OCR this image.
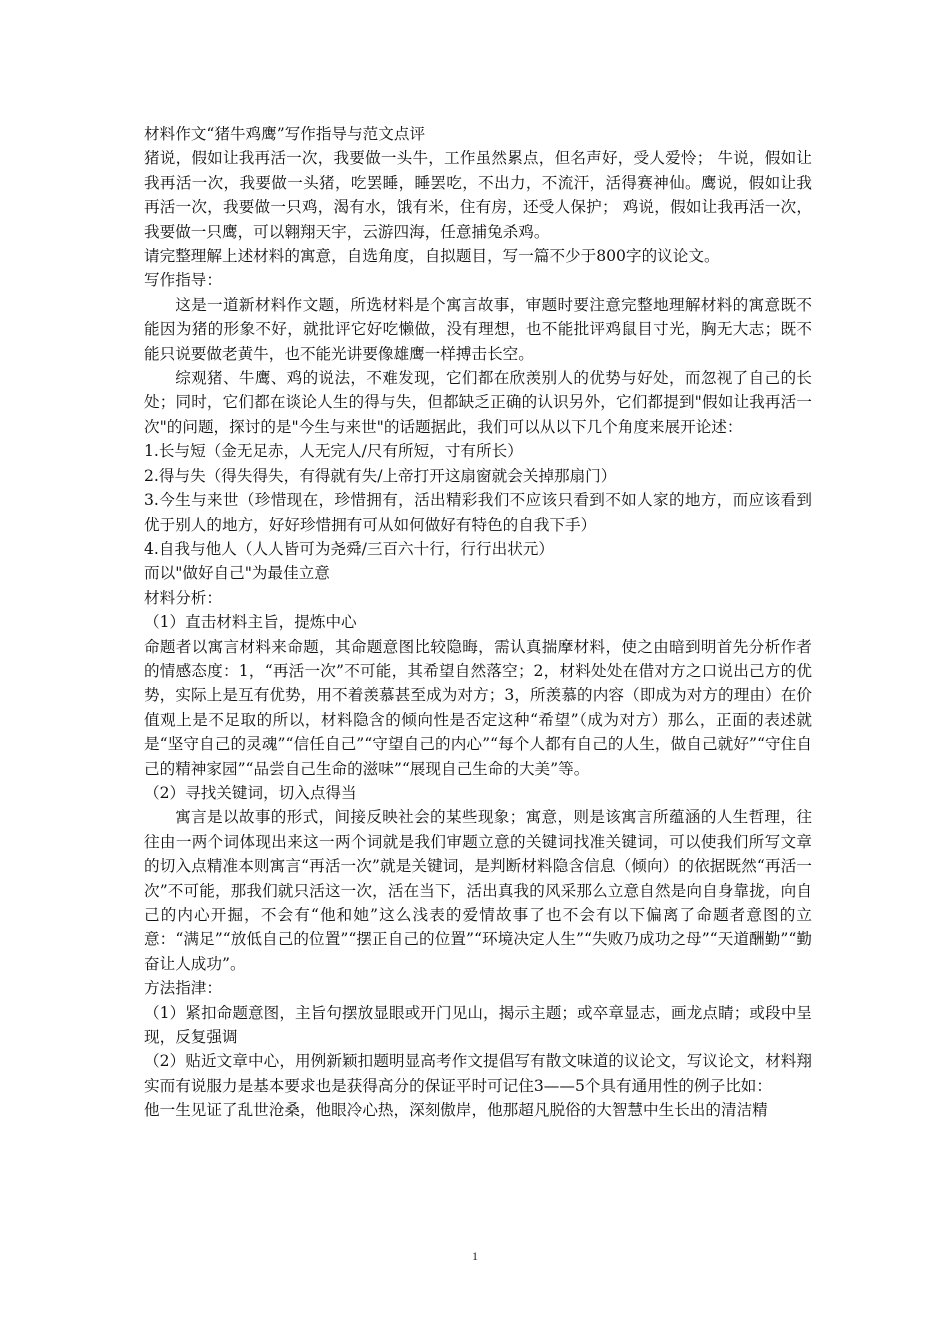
材料作文“猪牛鸡鹰”写作指导与范文点评

猪说，假如让我再活一次，我要做一头牛，工作虽然累点，但名声好，受人爱怜； 牛说，假如让我再活一次，我要做一头猪，吃罢睡，睡罢吃，不出力，不流汗，活得赛神仙。鹰说，假如让我再活一次，我要做一只鸡，渴有水，饿有米，住有房，还受人保护； 鸡说，假如让我再活一次，我要做一只鹰，可以翱翔天宇，云游四海，任意捕兔杀鸡。

请完整理解上述材料的寓意，自选角度，自拟题目，写一篇不少于800字的议论文。

写作指导：

这是一道新材料作文题，所选材料是个寓言故事，审题时要注意完整地理解材料的寓意既不能因为猪的形象不好，就批评它好吃懒做，没有理想，也不能批评鸡鼠目寸光，胸无大志；既不能只说要做老黄牛，也不能光讲要像雄鹰一样搏击长空。

综观猪、牛鹰、鸡的说法，不难发现，它们都在欣羡别人的优势与好处，而忽视了自己的长处；同时，它们都在谈论人生的得与失，但都缺乏正确的认识另外，它们都提到"假如让我再活一次"的问题，探讨的是"今生与来世"的话题据此，我们可以从以下几个角度来展开论述：

1.长与短（金无足赤，人无完人/尺有所短，寸有所长）

2.得与失（得失得失，有得就有失/上帝打开这扇窗就会关掉那扇门）

3.今生与来世（珍惜现在，珍惜拥有，活出精彩我们不应该只看到不如人家的地方，而应该看到优于别人的地方，好好珍惜拥有可从如何做好有特色的自我下手）

4.自我与他人（人人皆可为尧舜/三百六十行，行行出状元）

而以"做好自己"为最佳立意

材料分析：

（1）直击材料主旨，提炼中心

命题者以寓言材料来命题，其命题意图比较隐晦，需认真揣摩材料，使之由暗到明首先分析作者的情感态度：1，“再活一次”不可能，其希望自然落空；2，材料处处在借对方之口说出己方的优势，实际上是互有优势，用不着羡慕甚至成为对方；3，所羡慕的内容（即成为对方的理由）在价值观上是不足取的所以，材料隐含的倾向性是否定这种“希望”（成为对方）那么，正面的表述就是“坚守自己的灵魂”“信任自己”“守望自己的内心”“每个人都有自己的人生，做自己就好”“守住自己的精神家园”“品尝自己生命的滋味”“展现自己生命的大美”等。

（2）寻找关键词，切入点得当

寓言是以故事的形式，间接反映社会的某些现象；寓意，则是该寓言所蕴涵的人生哲理，往往由一两个词体现出来这一两个词就是我们审题立意的关键词找准关键词，可以使我们所写文章的切入点精准本则寓言“再活一次”就是关键词，是判断材料隐含信息（倾向）的依据既然“再活一次”不可能，那我们就只活这一次，活在当下，活出真我的风采那么立意自然是向自身靠拢，向自己的内心开掘，不会有“他和她”这么浅表的爱情故事了也不会有以下偏离了命题者意图的立意：“满足”“放低自己的位置”“摆正自己的位置”“环境决定人生”“失败乃成功之母”“天道酬勤”“勤奋让人成功”。

方法指津：

（1）紧扣命题意图，主旨句摆放显眼或开门见山，揭示主题；或卒章显志，画龙点睛；或段中呈现，反复强调

（2）贴近文章中心，用例新颖扣题明显高考作文提倡写有散文味道的议论文，写议论文，材料翔实而有说服力是基本要求也是获得高分的保证平时可记住3——5个具有通用性的例子比如：

他一生见证了乱世沧桑，他眼冷心热，深刻傲岸，他那超凡脱俗的大智慧中生长出的清洁精

1
